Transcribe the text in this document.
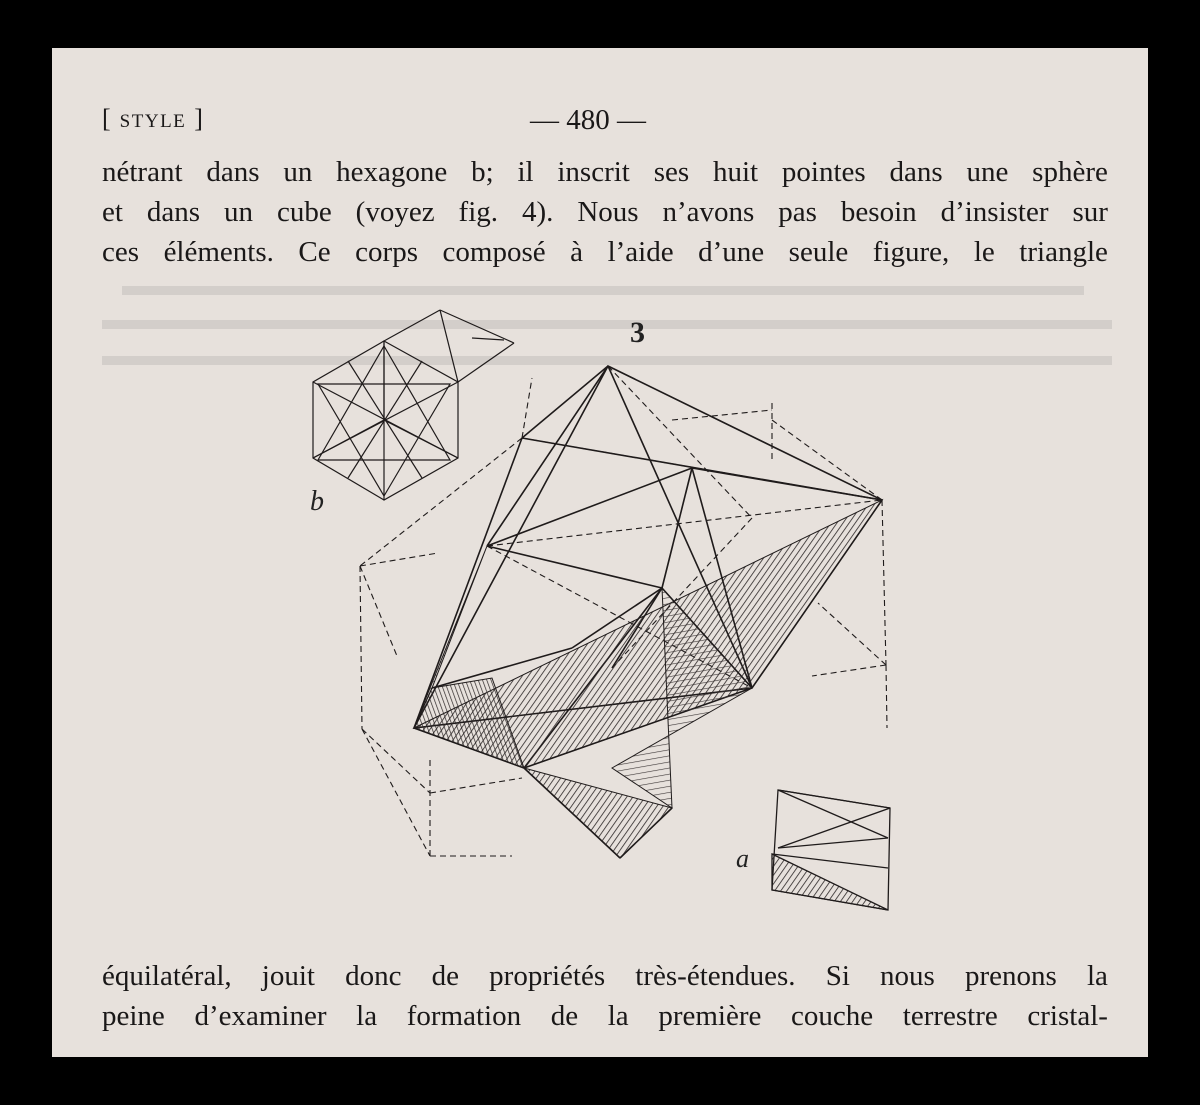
[ STYLE ]	— 480 —
nétrant dans un hexagone b; il inscrit ses huit pointes dans une sphère
et dans un cube (voyez fig. 4). Nous n’avons pas besoin d’insister sur
ces éléments. Ce corps composé à l’aide d’une seule figure, le triangle
3
b
a
équilatéral, jouit donc de propriétés très-étendues. Si nous prenons la
peine d’examiner la formation de la première couche terrestre cristal-
